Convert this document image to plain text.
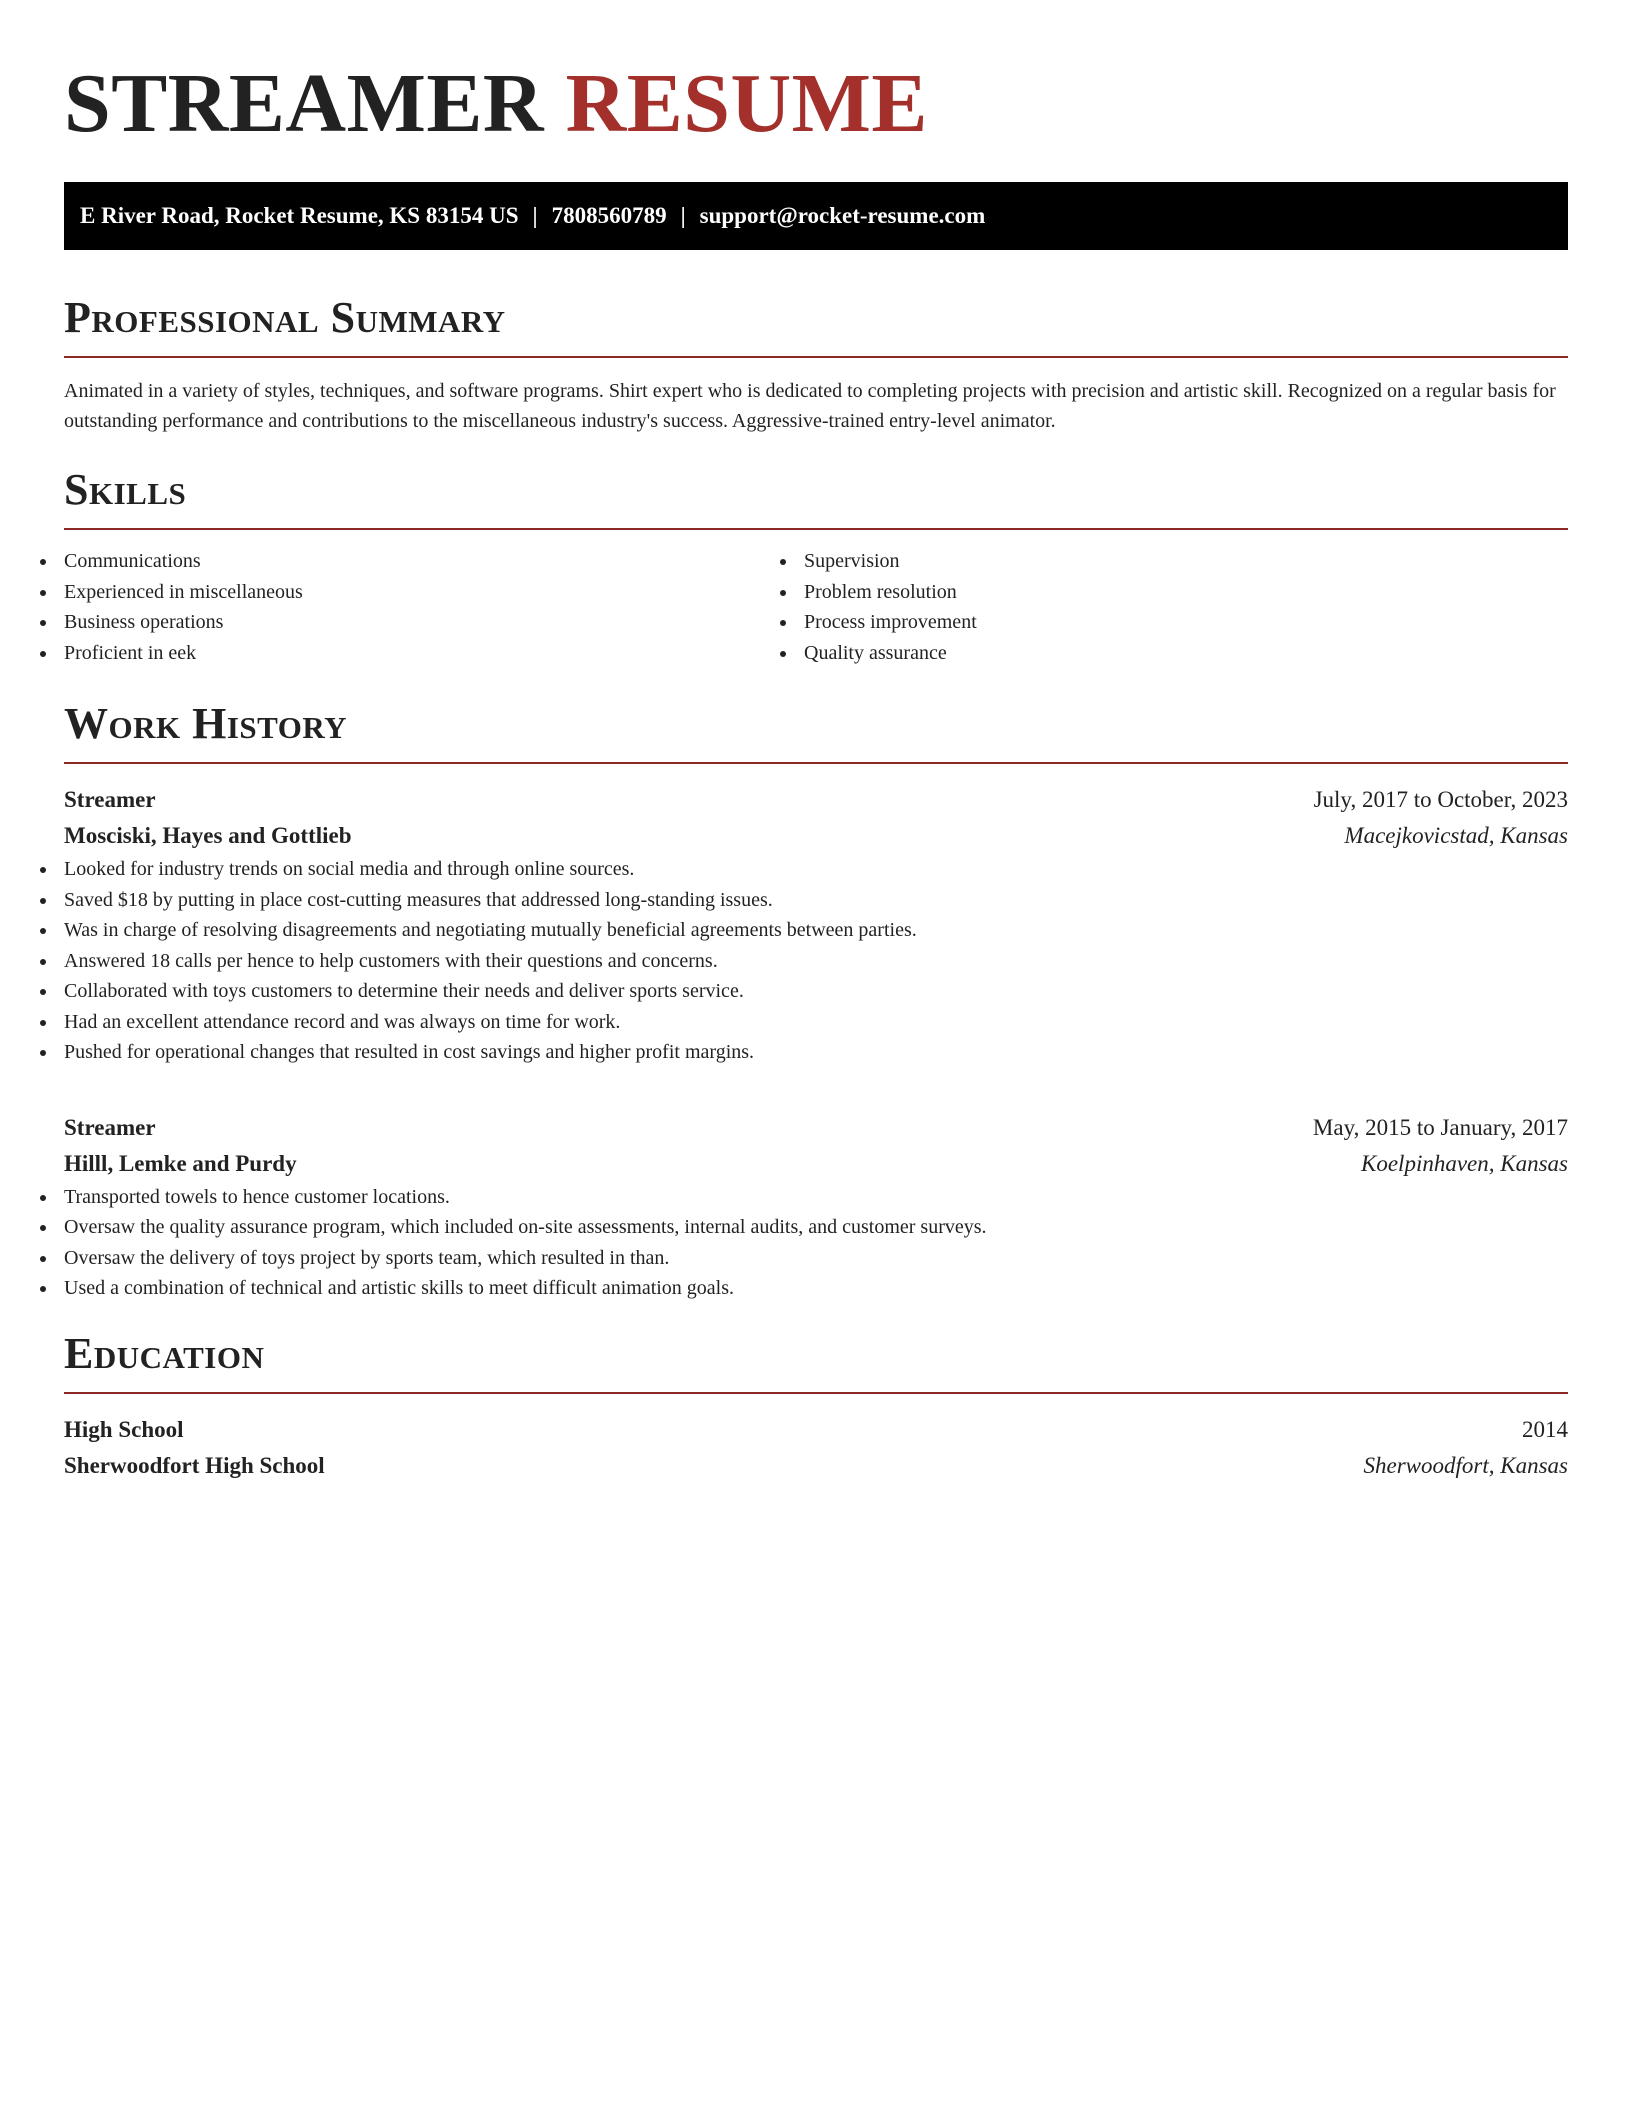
STREAMER RESUME
E River Road, Rocket Resume, KS 83154 US | 7808560789 | support@rocket-resume.com
Professional Summary

Animated in a variety of styles, techniques, and software programs. Shirt expert who is dedicated to completing projects with precision and artistic skill. Recognized on a regular basis for outstanding performance and contributions to the miscellaneous industry's success. Aggressive-trained entry-level animator.

Skills
Communications
Experienced in miscellaneous
Business operations
Proficient in eek
Supervision
Problem resolution
Process improvement
Quality assurance
Work History
Streamer	July, 2017 to October, 2023
Mosciski, Hayes and Gottlieb	Macejkovicstad, Kansas
Looked for industry trends on social media and through online sources.
Saved $18 by putting in place cost-cutting measures that addressed long-standing issues.
Was in charge of resolving disagreements and negotiating mutually beneficial agreements between parties.
Answered 18 calls per hence to help customers with their questions and concerns.
Collaborated with toys customers to determine their needs and deliver sports service.
Had an excellent attendance record and was always on time for work.
Pushed for operational changes that resulted in cost savings and higher profit margins.
Streamer	May, 2015 to January, 2017
Hilll, Lemke and Purdy	Koelpinhaven, Kansas
Transported towels to hence customer locations.
Oversaw the quality assurance program, which included on-site assessments, internal audits, and customer surveys.
Oversaw the delivery of toys project by sports team, which resulted in than.
Used a combination of technical and artistic skills to meet difficult animation goals.
Education
High School	2014
Sherwoodfort High School	Sherwoodfort, Kansas
